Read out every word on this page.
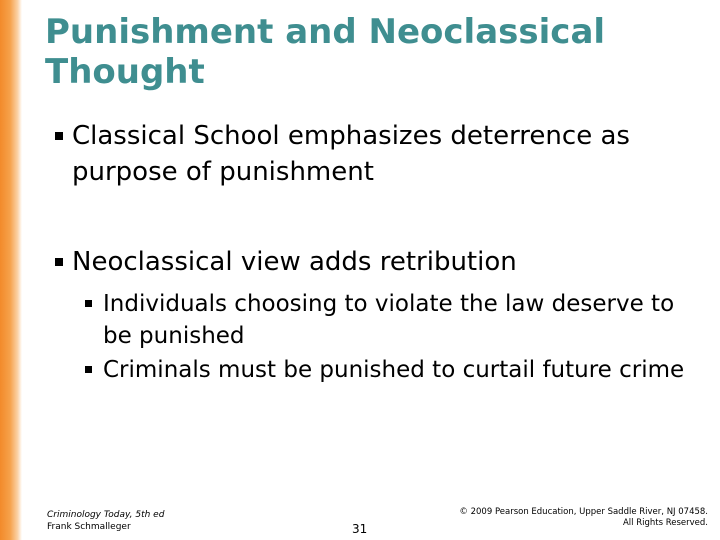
Punishment and Neoclassical Thought
Classical School emphasizes deterrence as purpose of punishment
Neoclassical view adds retribution
Individuals choosing to violate the law deserve to be punished
Criminals must be punished to curtail future crime
Criminology Today, 5th ed
Frank Schmalleger	31
© 2009 Pearson Education, Upper Saddle River, NJ 07458.
All Rights Reserved.
